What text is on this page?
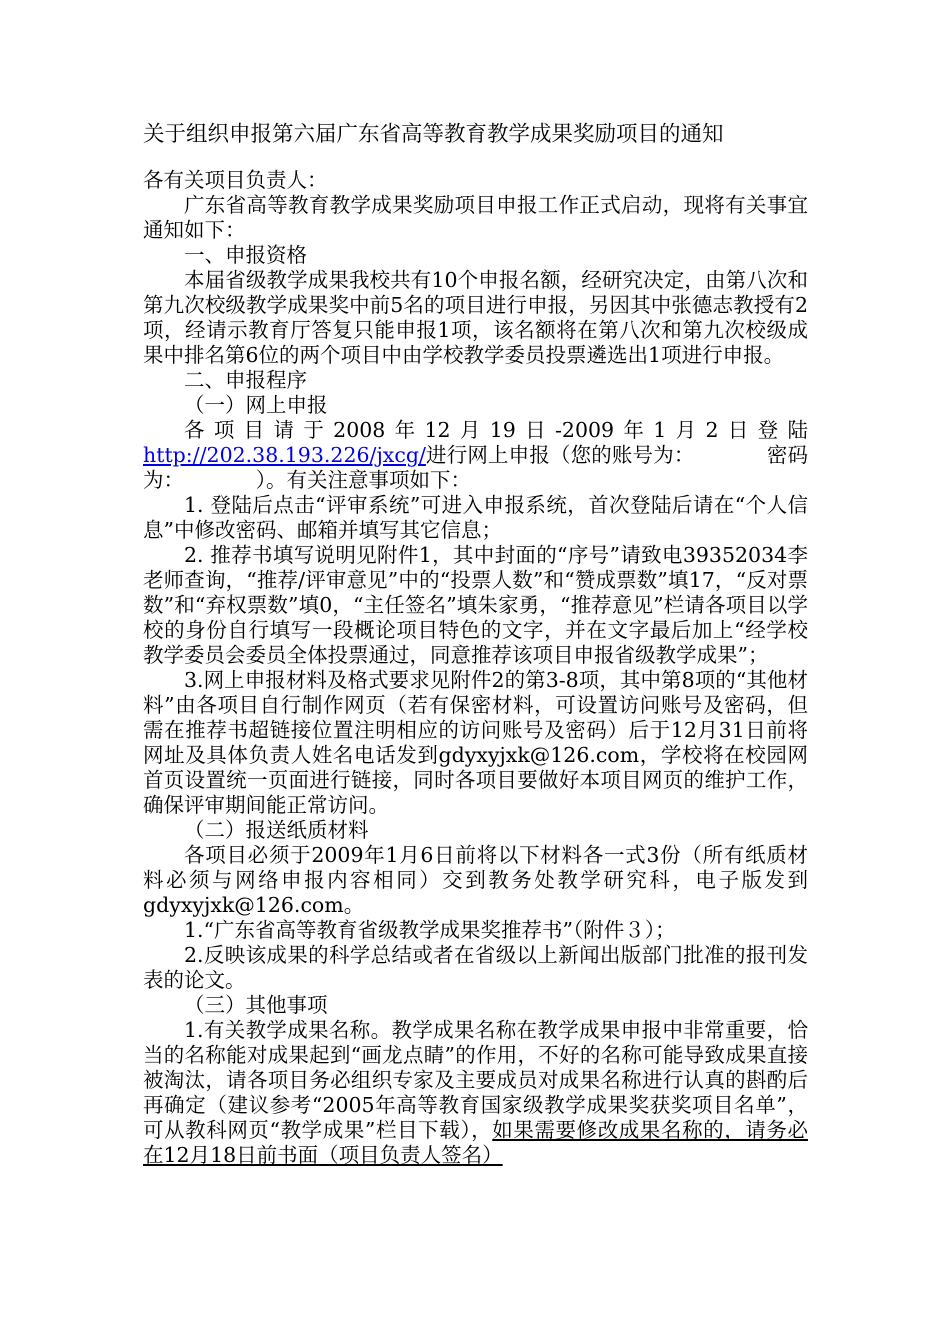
关于组织申报第六届广东省高等教育教学成果奖励项目的通知

各有关项目负责人：

广东省高等教育教学成果奖励项目申报工作正式启动，现将有关事宜通知如下：

一、申报资格

本届省级教学成果我校共有10个申报名额，经研究决定，由第八次和第九次校级教学成果奖中前5名的项目进行申报，另因其中张德志教授有2项，经请示教育厅答复只能申报1项，该名额将在第八次和第九次校级成果中排名第6位的两个项目中由学校教学委员投票遴选出1项进行申报。

二、申报程序

（一）网上申报

各项目请于2008年12月19日-2009年1月2日登陆http://202.38.193.226/jxcg/进行网上申报（您的账号为：　　　　密码为：　　　　）。有关注意事项如下：

1. 登陆后点击“评审系统”可进入申报系统，首次登陆后请在“个人信息”中修改密码、邮箱并填写其它信息；

2. 推荐书填写说明见附件1，其中封面的“序号”请致电39352034李老师查询，“推荐/评审意见”中的“投票人数”和“赞成票数”填17，“反对票数”和“弃权票数”填0，“主任签名”填朱家勇，“推荐意见”栏请各项目以学校的身份自行填写一段概论项目特色的文字，并在文字最后加上“经学校教学委员会委员全体投票通过，同意推荐该项目申报省级教学成果”；

3.网上申报材料及格式要求见附件2的第3-8项，其中第8项的“其他材料”由各项目自行制作网页（若有保密材料，可设置访问账号及密码，但需在推荐书超链接位置注明相应的访问账号及密码）后于12月31日前将网址及具体负责人姓名电话发到gdyxyjxk@126.com，学校将在校园网首页设置统一页面进行链接，同时各项目要做好本项目网页的维护工作，确保评审期间能正常访问。

（二）报送纸质材料

各项目必须于2009年1月6日前将以下材料各一式3份（所有纸质材料必须与网络申报内容相同）交到教务处教学研究科，电子版发到gdyxyjxk@126.com。

1.“广东省高等教育省级教学成果奖推荐书”（附件３）；

2.反映该成果的科学总结或者在省级以上新闻出版部门批准的报刊发表的论文。

（三）其他事项

1.有关教学成果名称。教学成果名称在教学成果申报中非常重要，恰当的名称能对成果起到“画龙点睛”的作用，不好的名称可能导致成果直接被淘汰，请各项目务必组织专家及主要成员对成果名称进行认真的斟酌后再确定（建议参考“2005年高等教育国家级教学成果奖获奖项目名单”，可从教科网页“教学成果”栏目下载），如果需要修改成果名称的，请务必在12月18日前书面（项目负责人签名）
